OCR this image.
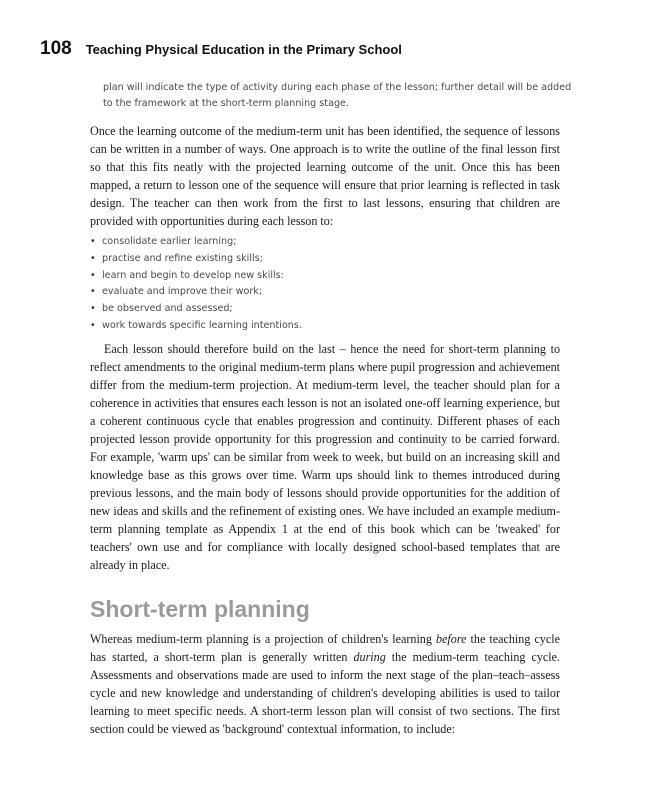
108 Teaching Physical Education in the Primary School

plan will indicate the type of activity during each phase of the lesson; further detail will be added to the framework at the short-term planning stage.

Once the learning outcome of the medium-term unit has been identified, the sequence of lessons can be written in a number of ways. One approach is to write the outline of the final lesson first so that this fits neatly with the projected learning outcome of the unit. Once this has been mapped, a return to lesson one of the sequence will ensure that prior learning is reflected in task design. The teacher can then work from the first to last lessons, ensuring that children are provided with opportunities during each lesson to:

• consolidate earlier learning;
• practise and refine existing skills;
• learn and begin to develop new skills:
• evaluate and improve their work;
• be observed and assessed;
• work towards specific learning intentions.

Each lesson should therefore build on the last – hence the need for short-term planning to reflect amendments to the original medium-term plans where pupil progression and achievement differ from the medium-term projection. At medium-term level, the teacher should plan for a coherence in activities that ensures each lesson is not an isolated one-off learning experience, but a coherent continuous cycle that enables progression and continuity. Different phases of each projected lesson provide opportunity for this progression and continuity to be carried forward. For example, 'warm ups' can be similar from week to week, but build on an increasing skill and knowledge base as this grows over time. Warm ups should link to themes introduced during previous lessons, and the main body of lessons should provide opportunities for the addition of new ideas and skills and the refinement of existing ones. We have included an example medium-term planning template as Appendix 1 at the end of this book which can be 'tweaked' for teachers' own use and for compliance with locally designed school-based templates that are already in place.

Short-term planning

Whereas medium-term planning is a projection of children's learning before the teaching cycle has started, a short-term plan is generally written during the medium-term teaching cycle. Assessments and observations made are used to inform the next stage of the plan–teach–assess cycle and new knowledge and understanding of children's developing abilities is used to tailor learning to meet specific needs. A short-term lesson plan will consist of two sections. The first section could be viewed as 'background' contextual information, to include:
